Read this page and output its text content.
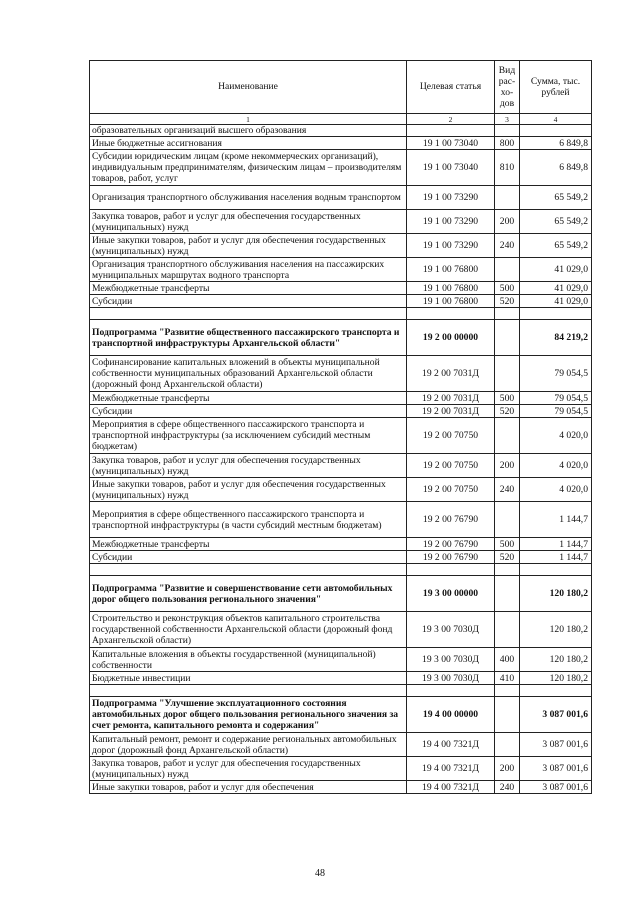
Наименование	Целевая статья	Вид рас-хо-дов	Сумма, тыс. рублей
1	2	3	4
образовательных организаций высшего образования			
Иные бюджетные ассигнования	19 1 00 73040	800	6 849,8
Субсидии юридическим лицам (кроме некоммерческих организаций), индивидуальным предпринимателям, физическим лицам – производителям товаров, работ, услуг	19 1 00 73040	810	6 849,8
Организация транспортного обслуживания населения водным транспортом	19 1 00 73290		65 549,2
Закупка товаров, работ и услуг для обеспечения государственных (муниципальных) нужд	19 1 00 73290	200	65 549,2
Иные закупки товаров, работ и услуг для обеспечения государственных (муниципальных) нужд	19 1 00 73290	240	65 549,2
Организация транспортного обслуживания населения на пассажирских муниципальных маршрутах водного транспорта	19 1 00 76800		41 029,0
Межбюджетные трансферты	19 1 00 76800	500	41 029,0
Субсидии	19 1 00 76800	520	41 029,0

Подпрограмма "Развитие общественного пассажирского транспорта и транспортной инфраструктуры Архангельской области"	19 2 00 00000		84 219,2
Софинансирование капитальных вложений в объекты муниципальной собственности муниципальных образований Архангельской области (дорожный фонд Архангельской области)	19 2 00 7031Д		79 054,5
Межбюджетные трансферты	19 2 00 7031Д	500	79 054,5
Субсидии	19 2 00 7031Д	520	79 054,5
Мероприятия в сфере общественного пассажирского транспорта и транспортной инфраструктуры (за исключением субсидий местным бюджетам)	19 2 00 70750		4 020,0
Закупка товаров, работ и услуг для обеспечения государственных (муниципальных) нужд	19 2 00 70750	200	4 020,0
Иные закупки товаров, работ и услуг для обеспечения государственных (муниципальных) нужд	19 2 00 70750	240	4 020,0
Мероприятия в сфере общественного пассажирского транспорта и транспортной инфраструктуры (в части субсидий местным бюджетам)	19 2 00 76790		1 144,7
Межбюджетные трансферты	19 2 00 76790	500	1 144,7
Субсидии	19 2 00 76790	520	1 144,7

Подпрограмма "Развитие и совершенствование сети автомобильных дорог общего пользования регионального значения"	19 3 00 00000		120 180,2
Строительство и реконструкция объектов капитального строительства государственной собственности Архангельской области (дорожный фонд Архангельской области)	19 3 00 7030Д		120 180,2
Капитальные вложения в объекты государственной (муниципальной) собственности	19 3 00 7030Д	400	120 180,2
Бюджетные инвестиции	19 3 00 7030Д	410	120 180,2

Подпрограмма "Улучшение эксплуатационного состояния автомобильных дорог общего пользования регионального значения за счет ремонта, капитального ремонта и содержания"	19 4 00 00000		3 087 001,6
Капитальный ремонт, ремонт и содержание региональных автомобильных дорог (дорожный фонд Архангельской области)	19 4 00 7321Д		3 087 001,6
Закупка товаров, работ и услуг для обеспечения государственных (муниципальных) нужд	19 4 00 7321Д	200	3 087 001,6
Иные закупки товаров, работ и услуг для обеспечения	19 4 00 7321Д	240	3 087 001,6
48
